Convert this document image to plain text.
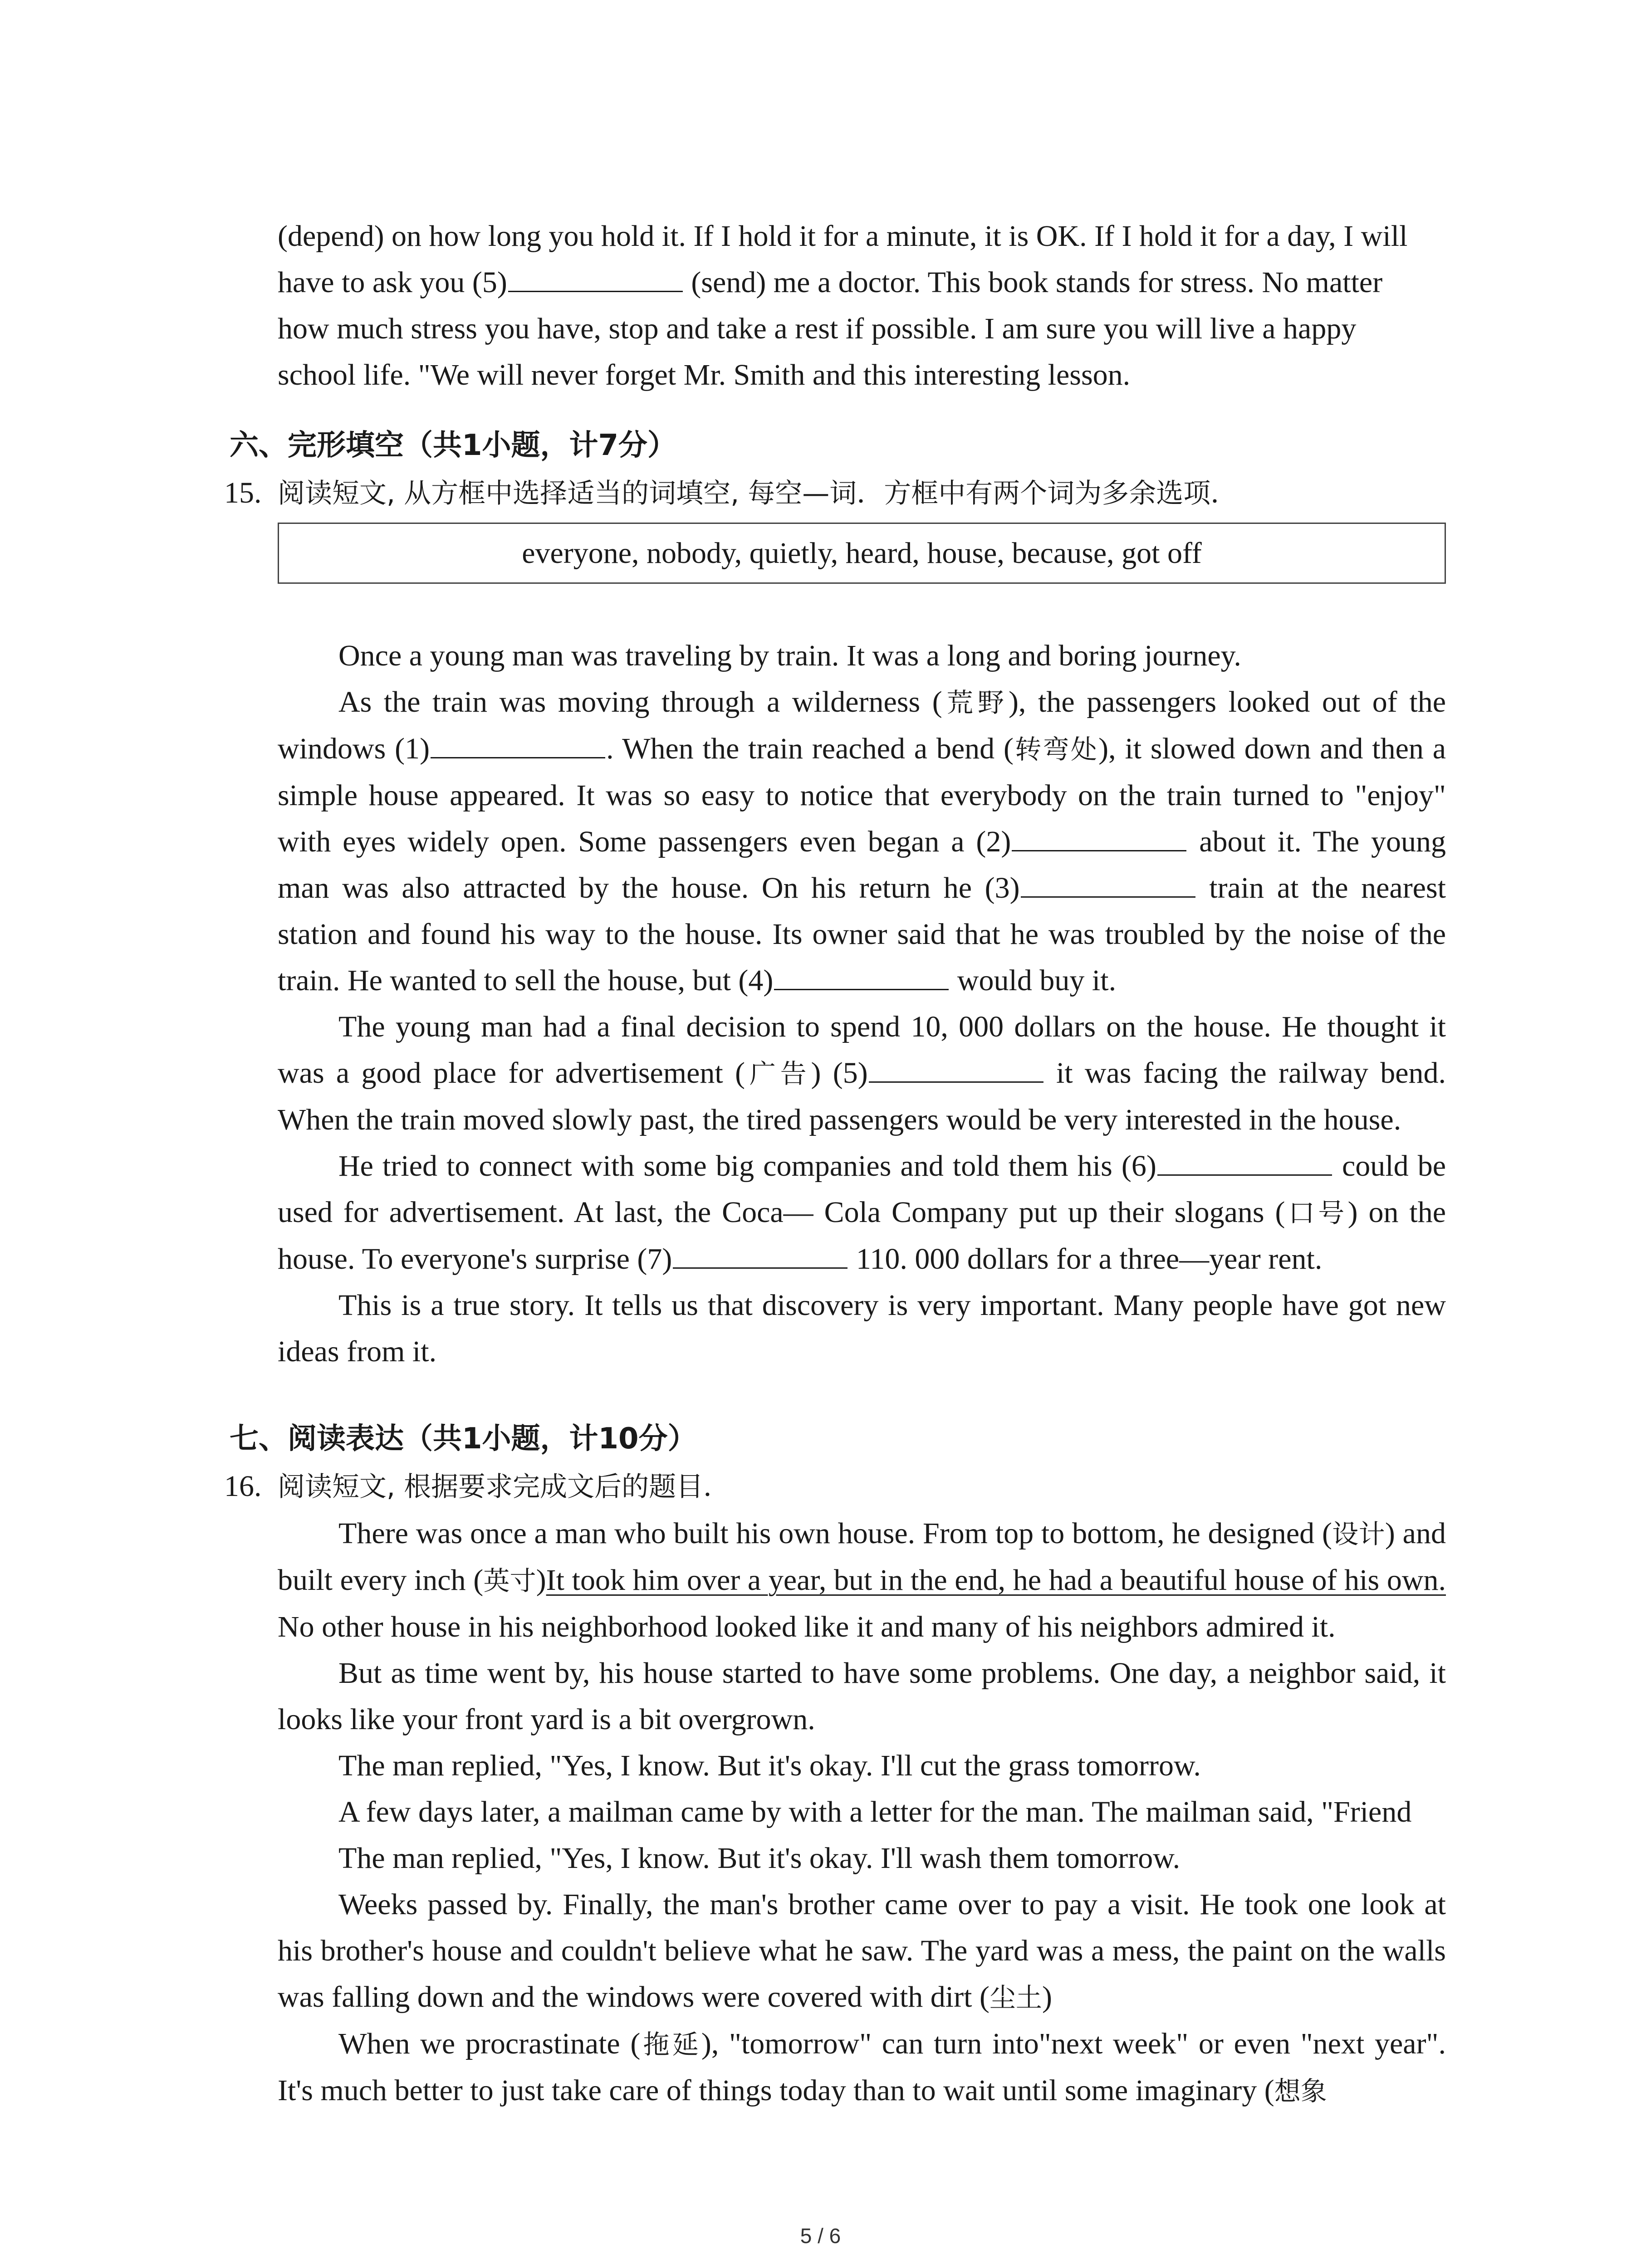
(depend) on how long you hold it. If I hold it for a minute, it is OK. If I hold it for a day, I will

have to ask you (5)	(send) me a doctor. This book stands for stress. No matter

how much stress you have, stop and take a rest if possible. I am sure you will live a happy

school life. "We will never forget Mr. Smith and this interesting lesson.

六、完形填空（共1小题，计7分）

15. 阅读短文, 从方框中选择适当的词填空, 每空—词．方框中有两个词为多余选项．

everyone, nobody, quietly, heard, house, because, got off

Once a young man was traveling by train. It was a long and boring journey.

As the train was moving through a wilderness (荒野), the passengers looked out of the windows (1)	. When the train reached a bend (转弯处), it slowed down and then a simple house appeared. It was so easy to notice that everybody on the train turned to "enjoy" with eyes widely open. Some passengers even began a (2)	about it. The young man was also attracted by the house. On his return he (3)	train at the nearest station and found his way to the house. Its owner said that he was troubled by the noise of the train. He wanted to sell the house, but (4)	would buy it.

The young man had a final decision to spend 10, 000 dollars on the house. He thought it was a good place for advertisement (广告) (5)	it was facing the railway bend. When the train moved slowly past, the tired passengers would be very interested in the house.

He tried to connect with some big companies and told them his (6)	could be used for advertisement. At last, the Coca— Cola Company put up their slogans (口号) on the house. To everyone's surprise (7)	110. 000 dollars for a three—year rent.

This is a true story. It tells us that discovery is very important. Many people have got new ideas from it.

七、阅读表达（共1小题，计10分）

16. 阅读短文, 根据要求完成文后的题目．

There was once a man who built his own house. From top to bottom, he designed (设计) and built every inch (英寸)It took him over a year, but in the end, he had a beautiful house of his own. No other house in his neighborhood looked like it and many of his neighbors admired it.

But as time went by, his house started to have some problems. One day, a neighbor said, it looks like your front yard is a bit overgrown.

The man replied, "Yes, I know. But it's okay. I'll cut the grass tomorrow.

A few days later, a mailman came by with a letter for the man. The mailman said, "Friend

The man replied, "Yes, I know. But it's okay. I'll wash them tomorrow.

Weeks passed by. Finally, the man's brother came over to pay a visit. He took one look at his brother's house and couldn't believe what he saw. The yard was a mess, the paint on the walls was falling down and the windows were covered with dirt (尘土)

When we procrastinate (拖延), "tomorrow" can turn into"next week" or even "next year". It's much better to just take care of things today than to wait until some imaginary (想象

5 / 6
